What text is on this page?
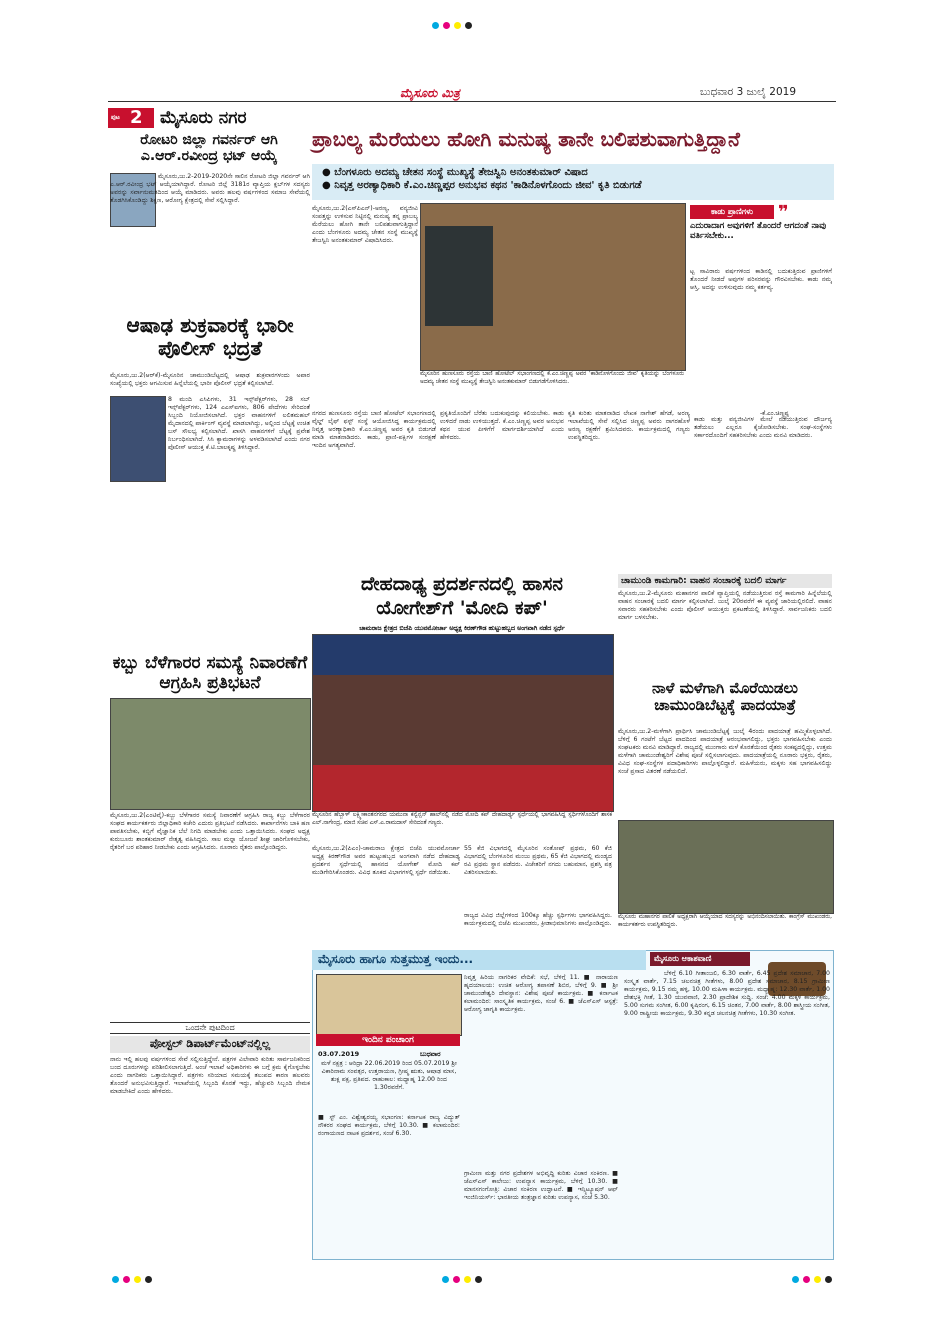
ಮೈಸೂರು ಮಿತ್ರ	ಬುಧವಾರ 3 ಜುಲೈ 2019
ಪುಟ 2 ಮೈಸೂರು ನಗರ
ರೋಟರಿ ಜಿಲ್ಲಾ ಗವರ್ನರ್ ಆಗಿ ಎ.ಆರ್.ರವೀಂದ್ರ ಭಟ್ ಆಯ್ಕೆ
ಮೈಸೂರು,ಜು.2-2019-2020ನೇ ಸಾಲಿನ ರೋಟರಿ ಜಿಲ್ಲಾ ಗವರ್ನರ್ ಆಗಿ ಎ.ಆರ್.ರವೀಂದ್ರ ಭಟ್ ಆಯ್ಕೆಯಾಗಿದ್ದಾರೆ. ರೋಟರಿ ಜಿಲ್ಲೆ 3181ರ ವ್ಯಾಪ್ತಿಯ ಕ್ಲಬ್‌ಗಳ ಸದಸ್ಯರು ಅವರನ್ನು ಸರ್ವಾನುಮತದಿಂದ ಆಯ್ಕೆ ಮಾಡಿದರು. ಅವರು ಹಲವು ವರ್ಷಗಳಿಂದ ಸಮಾಜ ಸೇವೆಯಲ್ಲಿ ತೊಡಗಿಸಿಕೊಂಡಿದ್ದು ಶಿಕ್ಷಣ, ಆರೋಗ್ಯ ಕ್ಷೇತ್ರದಲ್ಲಿ ಸೇವೆ ಸಲ್ಲಿಸಿದ್ದಾರೆ.
ಆಷಾಢ ಶುಕ್ರವಾರಕ್ಕೆ ಭಾರೀ ಪೊಲೀಸ್ ಭದ್ರತೆ
ಮೈಸೂರು,ಜು.2(ಆರ್‌ಕೆ)-ಮೈಸೂರಿನ ಚಾಮುಂಡಿಬೆಟ್ಟದಲ್ಲಿ ಆಷಾಢ ಶುಕ್ರವಾರಗಳಂದು ಅಪಾರ ಸಂಖ್ಯೆಯಲ್ಲಿ ಭಕ್ತರು ಆಗಮಿಸುವ ಹಿನ್ನೆಲೆಯಲ್ಲಿ ಭಾರೀ ಪೊಲೀಸ್ ಭದ್ರತೆ ಕಲ್ಪಿಸಲಾಗಿದೆ.
8 ಮಂದಿ ಎಸಿಪಿಗಳು, 31 ಇನ್ಸ್‌ಪೆಕ್ಟರ್‌ಗಳು, 28 ಸಬ್ ಇನ್ಸ್‌ಪೆಕ್ಟರ್‌ಗಳು, 124 ಎಎಸ್‌ಐಗಳು, 806 ಪೇದೆಗಳು ಸೇರಿದಂತೆ ಸಿಬ್ಬಂದಿ ನಿಯೋಜಿಸಲಾಗಿದೆ. ಭಕ್ತರ ವಾಹನಗಳಿಗೆ ಲಲಿತಮಹಲ್ ಮೈದಾನದಲ್ಲಿ ಪಾರ್ಕಿಂಗ್ ವ್ಯವಸ್ಥೆ ಮಾಡಲಾಗಿದ್ದು, ಅಲ್ಲಿಂದ ಬೆಟ್ಟಕ್ಕೆ ಉಚಿತ ಬಸ್ ಸೌಲಭ್ಯ ಕಲ್ಪಿಸಲಾಗಿದೆ. ಖಾಸಗಿ ವಾಹನಗಳಿಗೆ ಬೆಟ್ಟಕ್ಕೆ ಪ್ರವೇಶ ನಿರ್ಬಂಧಿಸಲಾಗಿದೆ. ಸಿಸಿ ಕ್ಯಾಮರಾಗಳನ್ನು ಅಳವಡಿಸಲಾಗಿದೆ ಎಂದು ನಗರ ಪೊಲೀಸ್ ಆಯುಕ್ತ ಕೆ.ಟಿ.ಬಾಲಕೃಷ್ಣ ತಿಳಿಸಿದ್ದಾರೆ.
ಕಬ್ಬು ಬೆಳೆಗಾರರ ಸಮಸ್ಯೆ ನಿವಾರಣೆಗೆ ಆಗ್ರಹಿಸಿ ಪ್ರತಿಭಟನೆ
ಮೈಸೂರು,ಜು.2(ಎಂಟಿವೈ)-ಕಬ್ಬು ಬೆಳೆಗಾರರ ಸಮಸ್ಯೆ ನಿವಾರಣೆಗೆ ಆಗ್ರಹಿಸಿ ರಾಜ್ಯ ಕಬ್ಬು ಬೆಳೆಗಾರರ ಸಂಘದ ಕಾರ್ಯಕರ್ತರು ಜಿಲ್ಲಾಧಿಕಾರಿ ಕಚೇರಿ ಎದುರು ಪ್ರತಿಭಟನೆ ನಡೆಸಿದರು. ಕಾರ್ಖಾನೆಗಳು ಬಾಕಿ ಹಣ ಪಾವತಿಸಬೇಕು, ಕಬ್ಬಿಗೆ ವೈಜ್ಞಾನಿಕ ಬೆಲೆ ನಿಗದಿ ಮಾಡಬೇಕು ಎಂದು ಒತ್ತಾಯಿಸಿದರು. ಸಂಘದ ಅಧ್ಯಕ್ಷ ಕುರುಬೂರು ಶಾಂತಕುಮಾರ್ ನೇತೃತ್ವ ವಹಿಸಿದ್ದರು. ಸಾಲ ಮನ್ನಾ ಯೋಜನೆ ಶೀಘ್ರ ಜಾರಿಗೊಳಿಸಬೇಕು, ರೈತರಿಗೆ ಬರ ಪರಿಹಾರ ನೀಡಬೇಕು ಎಂದು ಆಗ್ರಹಿಸಿದರು. ನೂರಾರು ರೈತರು ಪಾಲ್ಗೊಂಡಿದ್ದರು.
ಒಂದನೇ ಪುಟದಿಂದ
ಪೋಸ್ಟಲ್ ಡಿಪಾರ್ಟ್‌ಮೆಂಟ್‌ನಲ್ಲಿಲ್ಲ
ನಾನು ಇಲ್ಲಿ ಹಲವು ವರ್ಷಗಳಿಂದ ಸೇವೆ ಸಲ್ಲಿಸುತ್ತಿದ್ದೇನೆ. ಪತ್ರಗಳ ವಿಲೇವಾರಿ ಕುರಿತು ಸಾರ್ವಜನಿಕರಿಂದ ಬಂದ ದೂರುಗಳನ್ನು ಪರಿಶೀಲಿಸಲಾಗುತ್ತಿದೆ. ಅಂಚೆ ಇಲಾಖೆ ಅಧಿಕಾರಿಗಳು ಈ ಬಗ್ಗೆ ಕ್ರಮ ಕೈಗೊಳ್ಳಬೇಕು ಎಂದು ನಾಗರಿಕರು ಒತ್ತಾಯಿಸಿದ್ದಾರೆ. ಪತ್ರಗಳು ಸರಿಯಾದ ಸಮಯಕ್ಕೆ ತಲುಪದ ಕಾರಣ ಹಲವರು ತೊಂದರೆ ಅನುಭವಿಸುತ್ತಿದ್ದಾರೆ. ಇಲಾಖೆಯಲ್ಲಿ ಸಿಬ್ಬಂದಿ ಕೊರತೆ ಇದ್ದು, ಹೆಚ್ಚುವರಿ ಸಿಬ್ಬಂದಿ ನೇಮಕ ಮಾಡಬೇಕಿದೆ ಎಂದು ಹೇಳಿದರು.
ಪ್ರಾಬಲ್ಯ ಮೆರೆಯಲು ಹೋಗಿ ಮನುಷ್ಯ ತಾನೇ ಬಲಿಪಶುವಾಗುತ್ತಿದ್ದಾನೆ
● ಬೆಂಗಳೂರು ಅದಮ್ಯ ಚೇತನ ಸಂಸ್ಥೆ ಮುಖ್ಯಸ್ಥೆ ತೇಜಸ್ವಿನಿ ಅನಂತಕುಮಾರ್ ವಿಷಾದ
● ನಿವೃತ್ತ ಅರಣ್ಯಾಧಿಕಾರಿ ಕೆ.ಎಂ.ಚಿಣ್ಣಪ್ಪರ ಅನುಭವ ಕಥನ 'ಕಾಡಿನೊಳಗೊಂದು ಜೀವ' ಕೃತಿ ಬಿಡುಗಡೆ
ಮೈಸೂರು,ಜು.2(ಎಸ್‌ಪಿಎನ್)-ಅರಣ್ಯ, ವನ್ಯಜೀವಿ ಸಂಪತ್ತನ್ನು ಉಳಿಸುವ ನಿಟ್ಟಿನಲ್ಲಿ ಮನುಷ್ಯ ತನ್ನ ಪ್ರಾಬಲ್ಯ ಮೆರೆಯಲು ಹೋಗಿ ತಾನೇ ಬಲಿಪಶುವಾಗುತ್ತಿದ್ದಾನೆ ಎಂದು ಬೆಂಗಳೂರು ಅದಮ್ಯ ಚೇತನ ಸಂಸ್ಥೆ ಮುಖ್ಯಸ್ಥೆ ತೇಜಸ್ವಿನಿ ಅನಂತಕುಮಾರ್ ವಿಷಾದಿಸಿದರು.
ಮೈಸೂರಿನ ಹುಣಸೂರು ರಸ್ತೆಯ ಬಾಣಿ ಹೋಟೆಲ್ ಸಭಾಂಗಣದಲ್ಲಿ ಕೆ.ಎಂ.ಚಿಣ್ಣಪ್ಪ ಅವರ 'ಕಾಡಿನೊಳಗೊಂದು ಜೀವ' ಕೃತಿಯನ್ನು ಬೆಂಗಳೂರು ಅದಮ್ಯ ಚೇತನ ಸಂಸ್ಥೆ ಮುಖ್ಯಸ್ಥೆ ತೇಜಸ್ವಿನಿ ಅನಂತಕುಮಾರ್ ಬಿಡುಗಡೆಗೊಳಿಸಿದರು.
ಕಾಡು ಪ್ರಾಣಿಗಳು	❞
ಎದುರಾದಾಗ ಅವುಗಳಿಗೆ ತೊಂದರೆ ಆಗದಂತೆ ನಾವು ವರ್ತಿಸಬೇಕು...
ಟ್ಟ ಸಾವಿರಾರು ವರ್ಷಗಳಿಂದ ಕಾಡಿನಲ್ಲಿ ಬದುಕುತ್ತಿರುವ ಪ್ರಾಣಿಗಳಿಗೆ ತೊಂದರೆ ನೀಡದೆ ಅವುಗಳ ಪರಿಸರವನ್ನು ಗೌರವಿಸಬೇಕು. ಕಾಡು ನಮ್ಮ ಆಸ್ತಿ, ಅದನ್ನು ಉಳಿಸುವುದು ನಮ್ಮ ಕರ್ತವ್ಯ.
-ಕೆ.ಎಂ.ಚಿಣ್ಣಪ್ಪ
ನಗರದ ಹುಣಸೂರು ರಸ್ತೆಯ ಬಾಣಿ ಹೋಟೆಲ್ ಸಭಾಂಗಣದಲ್ಲಿ ವೈಲ್ಡ್ ಲೈಫ್ ಫಸ್ಟ್ ಸಂಸ್ಥೆ ಆಯೋಜಿಸಿದ್ದ ಕಾರ್ಯಕ್ರಮದಲ್ಲಿ ನಿವೃತ್ತ ಅರಣ್ಯಾಧಿಕಾರಿ ಕೆ.ಎಂ.ಚಿಣ್ಣಪ್ಪ ಅವರ ಕೃತಿ ಬಿಡುಗಡೆ ಮಾಡಿ ಮಾತನಾಡಿದರು. ಕಾಡು, ಪ್ರಾಣಿ-ಪಕ್ಷಿಗಳ ಸಂರಕ್ಷಣೆ ಇಂದಿನ ಅಗತ್ಯವಾಗಿದೆ.
ಪ್ರಕೃತಿಯೊಂದಿಗೆ ಬೆರೆತು ಬದುಕುವುದನ್ನು ಕಲಿಯಬೇಕು. ಕಾಡು ಉಳಿದರೆ ನಾಡು ಉಳಿಯುತ್ತದೆ. ಕೆ.ಎಂ.ಚಿಣ್ಣಪ್ಪ ಅವರ ಅನುಭವ ಕಥನ ಯುವ ಪೀಳಿಗೆಗೆ ಮಾರ್ಗದರ್ಶಿಯಾಗಿದೆ ಎಂದು ಹೇಳಿದರು.
ಕೃತಿ ಕುರಿತು ಮಾತನಾಡಿದ ಲೇಖಕ ನಾಗೇಶ್ ಹೆಗಡೆ, ಅರಣ್ಯ ಇಲಾಖೆಯಲ್ಲಿ ಸೇವೆ ಸಲ್ಲಿಸಿದ ಚಿಣ್ಣಪ್ಪ ಅವರು ನಾಗರಹೊಳೆ ಅರಣ್ಯ ರಕ್ಷಣೆಗೆ ಶ್ರಮಿಸಿದವರು. ಕಾರ್ಯಕ್ರಮದಲ್ಲಿ ಗಣ್ಯರು ಉಪಸ್ಥಿತರಿದ್ದರು.
ಕಾಡು ಮತ್ತು ವನ್ಯಜೀವಿಗಳ ಮೇಲೆ ನಡೆಯುತ್ತಿರುವ ದೌರ್ಜನ್ಯ ತಡೆಯಲು ಎಲ್ಲರೂ ಕೈಜೋಡಿಸಬೇಕು. ಸಂಘ-ಸಂಸ್ಥೆಗಳು ಸರ್ಕಾರದೊಂದಿಗೆ ಸಹಕರಿಸಬೇಕು ಎಂದು ಮನವಿ ಮಾಡಿದರು.
ದೇಹದಾಢ್ಯ ಪ್ರದರ್ಶನದಲ್ಲಿ ಹಾಸನ
ಯೋಗೇಶ್‌ಗೆ 'ಮೋದಿ ಕಪ್'
ಚಾಮರಾಜ ಕ್ಷೇತ್ರದ ಬಿಜೆಪಿ ಯುವಮೋರ್ಚಾ ಅಧ್ಯಕ್ಷ ಕಿರಣ್‌ಗೌಡ ಹುಟ್ಟುಹಬ್ಬದ ಅಂಗವಾಗಿ ನಡೆದ ಸ್ಪರ್ಧೆ
ಮೈಸೂರಿನ ಹೆಬ್ಬಾಳ್ ಲಕ್ಷ್ಮೀಕಾಂತನಗರದ ಯಮುನಾ ಕನ್ವೆನ್ಷನ್ ಹಾಲ್‌ನಲ್ಲಿ ನಡೆದ ಮೋದಿ ಕಪ್ ದೇಹದಾರ್ಢ್ಯ ಸ್ಪರ್ಧೆಯಲ್ಲಿ ಭಾಗವಹಿಸಿದ್ದ ಸ್ಪರ್ಧಿಗಳೊಂದಿಗೆ ಶಾಸಕ ಎಲ್.ನಾಗೇಂದ್ರ, ಮಾಜಿ ಸಚಿವ ಎಸ್.ಎ.ರಾಮದಾಸ್ ಸೇರಿದಂತೆ ಗಣ್ಯರು.
ಮೈಸೂರು,ಜು.2(ಪಿಎಂ)-ಚಾಮರಾಜ ಕ್ಷೇತ್ರದ ಬಿಜೆಪಿ ಯುವಮೋರ್ಚಾ ಅಧ್ಯಕ್ಷ ಕಿರಣ್‌ಗೌಡ ಅವರ ಹುಟ್ಟುಹಬ್ಬದ ಅಂಗವಾಗಿ ನಡೆದ ದೇಹದಾಢ್ಯ ಪ್ರದರ್ಶನ ಸ್ಪರ್ಧೆಯಲ್ಲಿ ಹಾಸನದ ಯೋಗೇಶ್ ಮೋದಿ ಕಪ್ ಮುಡಿಗೇರಿಸಿಕೊಂಡರು. ವಿವಿಧ ತೂಕದ ವಿಭಾಗಗಳಲ್ಲಿ ಸ್ಪರ್ಧೆ ನಡೆಯಿತು.
55 ಕೆಜಿ ವಿಭಾಗದಲ್ಲಿ ಮೈಸೂರಿನ ಸಂತೋಷ್ ಪ್ರಥಮ, 60 ಕೆಜಿ ವಿಭಾಗದಲ್ಲಿ ಬೆಂಗಳೂರಿನ ಮಂಜು ಪ್ರಥಮ, 65 ಕೆಜಿ ವಿಭಾಗದಲ್ಲಿ ಮಂಡ್ಯದ ರವಿ ಪ್ರಥಮ ಸ್ಥಾನ ಪಡೆದರು. ವಿಜೇತರಿಗೆ ನಗದು ಬಹುಮಾನ, ಪ್ರಶಸ್ತಿ ಪತ್ರ ವಿತರಿಸಲಾಯಿತು.
ರಾಜ್ಯದ ವಿವಿಧ ಜಿಲ್ಲೆಗಳಿಂದ 100ಕ್ಕೂ ಹೆಚ್ಚು ಸ್ಪರ್ಧಿಗಳು ಭಾಗವಹಿಸಿದ್ದರು. ಕಾರ್ಯಕ್ರಮದಲ್ಲಿ ಬಿಜೆಪಿ ಮುಖಂಡರು, ಕ್ರೀಡಾಭಿಮಾನಿಗಳು ಪಾಲ್ಗೊಂಡಿದ್ದರು.
ಚಾಮುಂಡಿ ಕಾಮಗಾರಿ: ವಾಹನ ಸಂಚಾರಕ್ಕೆ ಬದಲಿ ಮಾರ್ಗ
ಮೈಸೂರು,ಜು.2-ಮೈಸೂರು ಮಹಾನಗರ ಪಾಲಿಕೆ ವ್ಯಾಪ್ತಿಯಲ್ಲಿ ನಡೆಯುತ್ತಿರುವ ರಸ್ತೆ ಕಾಮಗಾರಿ ಹಿನ್ನೆಲೆಯಲ್ಲಿ ವಾಹನ ಸಂಚಾರಕ್ಕೆ ಬದಲಿ ಮಾರ್ಗ ಕಲ್ಪಿಸಲಾಗಿದೆ. ಜುಲೈ 20ರವರೆಗೆ ಈ ವ್ಯವಸ್ಥೆ ಜಾರಿಯಲ್ಲಿರಲಿದೆ. ವಾಹನ ಸವಾರರು ಸಹಕರಿಸಬೇಕು ಎಂದು ಪೊಲೀಸ್ ಆಯುಕ್ತರು ಪ್ರಕಟಣೆಯಲ್ಲಿ ತಿಳಿಸಿದ್ದಾರೆ. ಸಾರ್ವಜನಿಕರು ಬದಲಿ ಮಾರ್ಗ ಬಳಸಬೇಕು.
ನಾಳೆ ಮಳೆಗಾಗಿ ಮೊರೆಯಿಡಲು ಚಾಮುಂಡಿಬೆಟ್ಟಕ್ಕೆ ಪಾದಯಾತ್ರೆ
ಮೈಸೂರು,ಜು.2-ಮಳೆಗಾಗಿ ಪ್ರಾರ್ಥಿಸಿ ಚಾಮುಂಡಿಬೆಟ್ಟಕ್ಕೆ ಜುಲೈ 4ರಂದು ಪಾದಯಾತ್ರೆ ಹಮ್ಮಿಕೊಳ್ಳಲಾಗಿದೆ. ಬೆಳಿಗ್ಗೆ 6 ಗಂಟೆಗೆ ಬೆಟ್ಟದ ಪಾದದಿಂದ ಪಾದಯಾತ್ರೆ ಆರಂಭವಾಗಲಿದ್ದು, ಭಕ್ತರು ಭಾಗವಹಿಸಬೇಕು ಎಂದು ಸಂಘಟಕರು ಮನವಿ ಮಾಡಿದ್ದಾರೆ. ರಾಜ್ಯದಲ್ಲಿ ಮುಂಗಾರು ಮಳೆ ಕೊರತೆಯಿಂದ ರೈತರು ಸಂಕಷ್ಟದಲ್ಲಿದ್ದು, ಉತ್ತಮ ಮಳೆಗಾಗಿ ಚಾಮುಂಡೇಶ್ವರಿಗೆ ವಿಶೇಷ ಪೂಜೆ ಸಲ್ಲಿಸಲಾಗುವುದು. ಪಾದಯಾತ್ರೆಯಲ್ಲಿ ನೂರಾರು ಭಕ್ತರು, ರೈತರು, ವಿವಿಧ ಸಂಘ-ಸಂಸ್ಥೆಗಳ ಪದಾಧಿಕಾರಿಗಳು ಪಾಲ್ಗೊಳ್ಳಲಿದ್ದಾರೆ. ಮಹಿಳೆಯರು, ಮಕ್ಕಳು ಸಹ ಭಾಗವಹಿಸಲಿದ್ದು ಸಂಜೆ ಪ್ರಸಾದ ವಿತರಣೆ ನಡೆಯಲಿದೆ.
ಮೈಸೂರು ಮಹಾನಗರ ಪಾಲಿಕೆ ಅಧ್ಯಕ್ಷರಾಗಿ ಆಯ್ಕೆಯಾದ ಸದಸ್ಯರನ್ನು ಅಭಿನಂದಿಸಲಾಯಿತು. ಕಾಂಗ್ರೆಸ್ ಮುಖಂಡರು, ಕಾರ್ಯಕರ್ತರು ಉಪಸ್ಥಿತರಿದ್ದರು.
ಮೈಸೂರು ಹಾಗೂ ಸುತ್ತಮುತ್ತ ಇಂದು...
ಇಂದಿನ ಪಂಚಾಂಗ
03.07.2019	ಬುಧವಾರ
ಮಳೆ ನಕ್ಷತ್ರ : ಆರಿದ್ರಾ 22.06.2019 ರಿಂದ 05.07.2019 ಶ್ರೀ ವಿಕಾರಿನಾಮ ಸಂವತ್ಸರ, ಉತ್ತರಾಯಣ, ಗ್ರೀಷ್ಮ ಋತು, ಆಷಾಢ ಮಾಸ, ಶುಕ್ಲ ಪಕ್ಷ, ಪ್ರತಿಪದ. ರಾಹುಕಾಲ: ಮಧ್ಯಾಹ್ನ 12.00 ರಿಂದ 1.30ರವರೆಗೆ.
■ ಸ್ಟ್ ಎಂ. ವಿಶ್ವೇಶ್ವರಯ್ಯ ಸಭಾಂಗಣ: ಕರ್ನಾಟಕ ರಾಜ್ಯ ವಿದ್ಯುತ್ ನೌಕರರ ಸಂಘದ ಕಾರ್ಯಕ್ರಮ, ಬೆಳಿಗ್ಗೆ 10.30. ■ ಕಲಾಮಂದಿರ: ರಂಗಾಯಣದ ನಾಟಕ ಪ್ರದರ್ಶನ, ಸಂಜೆ 6.30.
ನಿವೃತ್ತ ಹಿರಿಯ ನಾಗರಿಕರ ವೇದಿಕೆ: ಸಭೆ, ಬೆಳಿಗ್ಗೆ 11. ■ ನಾರಾಯಣ ಹೃದಯಾಲಯ: ಉಚಿತ ಆರೋಗ್ಯ ತಪಾಸಣೆ ಶಿಬಿರ, ಬೆಳಿಗ್ಗೆ 9. ■ ಶ್ರೀ ಚಾಮುಂಡೇಶ್ವರಿ ದೇವಸ್ಥಾನ: ವಿಶೇಷ ಪೂಜೆ ಕಾರ್ಯಕ್ರಮ. ■ ಕರ್ನಾಟಕ ಕಲಾಮಂದಿರ: ಸಾಂಸ್ಕೃತಿಕ ಕಾರ್ಯಕ್ರಮ, ಸಂಜೆ 6. ■ ಜೆಎಸ್‌ಎಸ್ ಆಸ್ಪತ್ರೆ: ಆರೋಗ್ಯ ಜಾಗೃತಿ ಕಾರ್ಯಕ್ರಮ.
ಗ್ರಾಮೀಣ ಮತ್ತು ನಗರ ಪ್ರದೇಶಗಳ ಅಭಿವೃದ್ಧಿ ಕುರಿತು ವಿಚಾರ ಸಂಕಿರಣ. ■ ಜೆಎಸ್‌ಎಸ್ ಕಾಲೇಜು: ಉಪನ್ಯಾಸ ಕಾರ್ಯಕ್ರಮ, ಬೆಳಿಗ್ಗೆ 10.30. ■ ಮಾನಸಗಂಗೋತ್ರಿ: ವಿಚಾರ ಸಂಕಿರಣ ಉದ್ಘಾಟನೆ. ■ ಇನ್ಸ್ಟಿಟ್ಯೂಷನ್ ಆಫ್ ಇಂಜಿನಿಯರ್ಸ್: ಭಾರತೀಯ ತಂತ್ರಜ್ಞಾನ ಕುರಿತು ಉಪನ್ಯಾಸ, ಸಂಜೆ 5.30.
ಮೈಸೂರು ಆಕಾಶವಾಣಿ
ಬೆಳಿಗ್ಗೆ 6.10 ಗೀತಾಂಜಲಿ, 6.30 ವಾರ್ತೆ, 6.45 ಪ್ರದೇಶ ಸಮಾಚಾರ, 7.00 ಸಂಸ್ಕೃತ ವಾರ್ತೆ, 7.15 ಚಲನಚಿತ್ರ ಗೀತೆಗಳು, 8.00 ಪ್ರದೇಶ ಸಮಾಚಾರ, 8.15 ಗ್ರಾಮೀಣ ಕಾರ್ಯಕ್ರಮ, 9.15 ನಮ್ಮ ಹಳ್ಳಿ, 10.00 ಮಹಿಳಾ ಕಾರ್ಯಕ್ರಮ. ಮಧ್ಯಾಹ್ನ: 12.30 ವಾರ್ತೆ, 1.00 ದೇಶಭಕ್ತಿ ಗೀತೆ, 1.30 ಯುವವಾಣಿ, 2.30 ಪ್ರಾದೇಶಿಕ ಸುದ್ದಿ. ಸಂಜೆ: 4.00 ಮಕ್ಕಳ ಕಾರ್ಯಕ್ರಮ, 5.00 ಸುಗಮ ಸಂಗೀತ, 6.00 ಕೃಷಿರಂಗ, 6.15 ಚಿಂತನ, 7.00 ವಾರ್ತೆ, 8.00 ಶಾಸ್ತ್ರೀಯ ಸಂಗೀತ, 9.00 ರಾಷ್ಟ್ರೀಯ ಕಾರ್ಯಕ್ರಮ, 9.30 ಕನ್ನಡ ಚಲನಚಿತ್ರ ಗೀತೆಗಳು, 10.30 ಸಂಗೀತ.
